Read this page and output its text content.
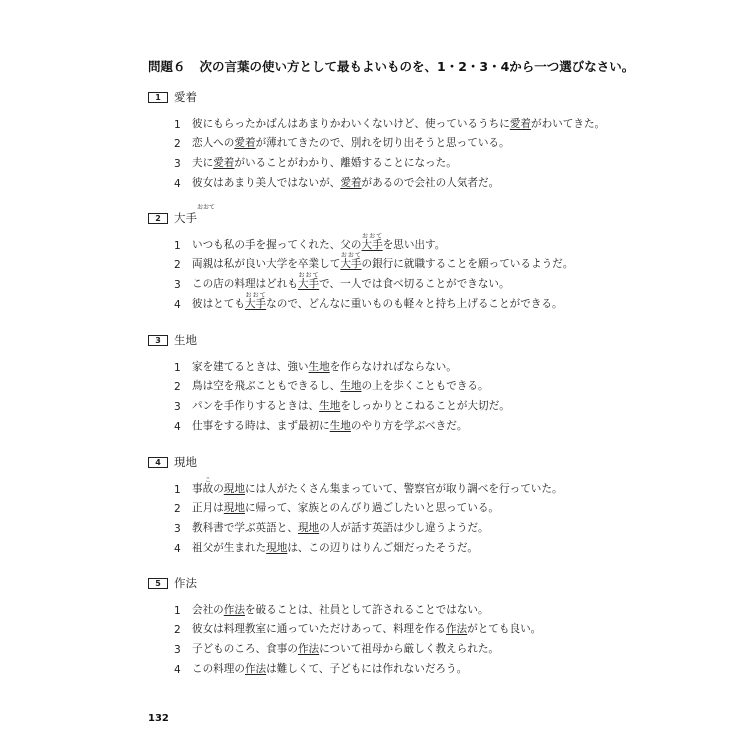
問題６ 次の言葉の使い方として最もよいものを、1・2・3・4から一つ選びなさい。
1	愛着
1	彼にもらったかばんはあまりかわいくないけど、使っているうちに愛着がわいてきた。
2	恋人への愛着が薄れてきたので、別れを切り出そうと思っている。
3	夫に愛着がいることがわかり、離婚することになった。
4	彼女はあまり美人ではないが、愛着があるので会社の人気者だ。
2	大手おおて
1	いつも私の手を握ってくれた、父の大手おおてを思い出す。
2	両親は私が良い大学を卒業して大手おおての銀行に就職することを願っているようだ。
3	この店の料理はどれも大手おおてで、一人では食べ切ることができない。
4	彼はとても大手おおてなので、どんなに重いものも軽々と持ち上げることができる。
3	生地
1	家を建てるときは、強い生地を作らなければならない。
2	鳥は空を飛ぶこともできるし、生地の上を歩くこともできる。
3	パンを手作りするときは、生地をしっかりとこねることが大切だ。
4	仕事をする時は、まず最初に生地のやり方を学ぶべきだ。
4	現地
1	事故この現地には人がたくさん集まっていて、警察官が取り調べを行っていた。
2	正月は現地に帰って、家族とのんびり過ごしたいと思っている。
3	教科書で学ぶ英語と、現地の人が話す英語は少し違うようだ。
4	祖父が生まれた現地は、この辺りはりんご畑だったそうだ。
5	作法
1	会社の作法を破ることは、社員として許されることではない。
2	彼女は料理教室に通っていただけあって、料理を作る作法がとても良い。
3	子どものころ、食事の作法について祖母から厳しく教えられた。
4	この料理の作法は難しくて、子どもには作れないだろう。
132
